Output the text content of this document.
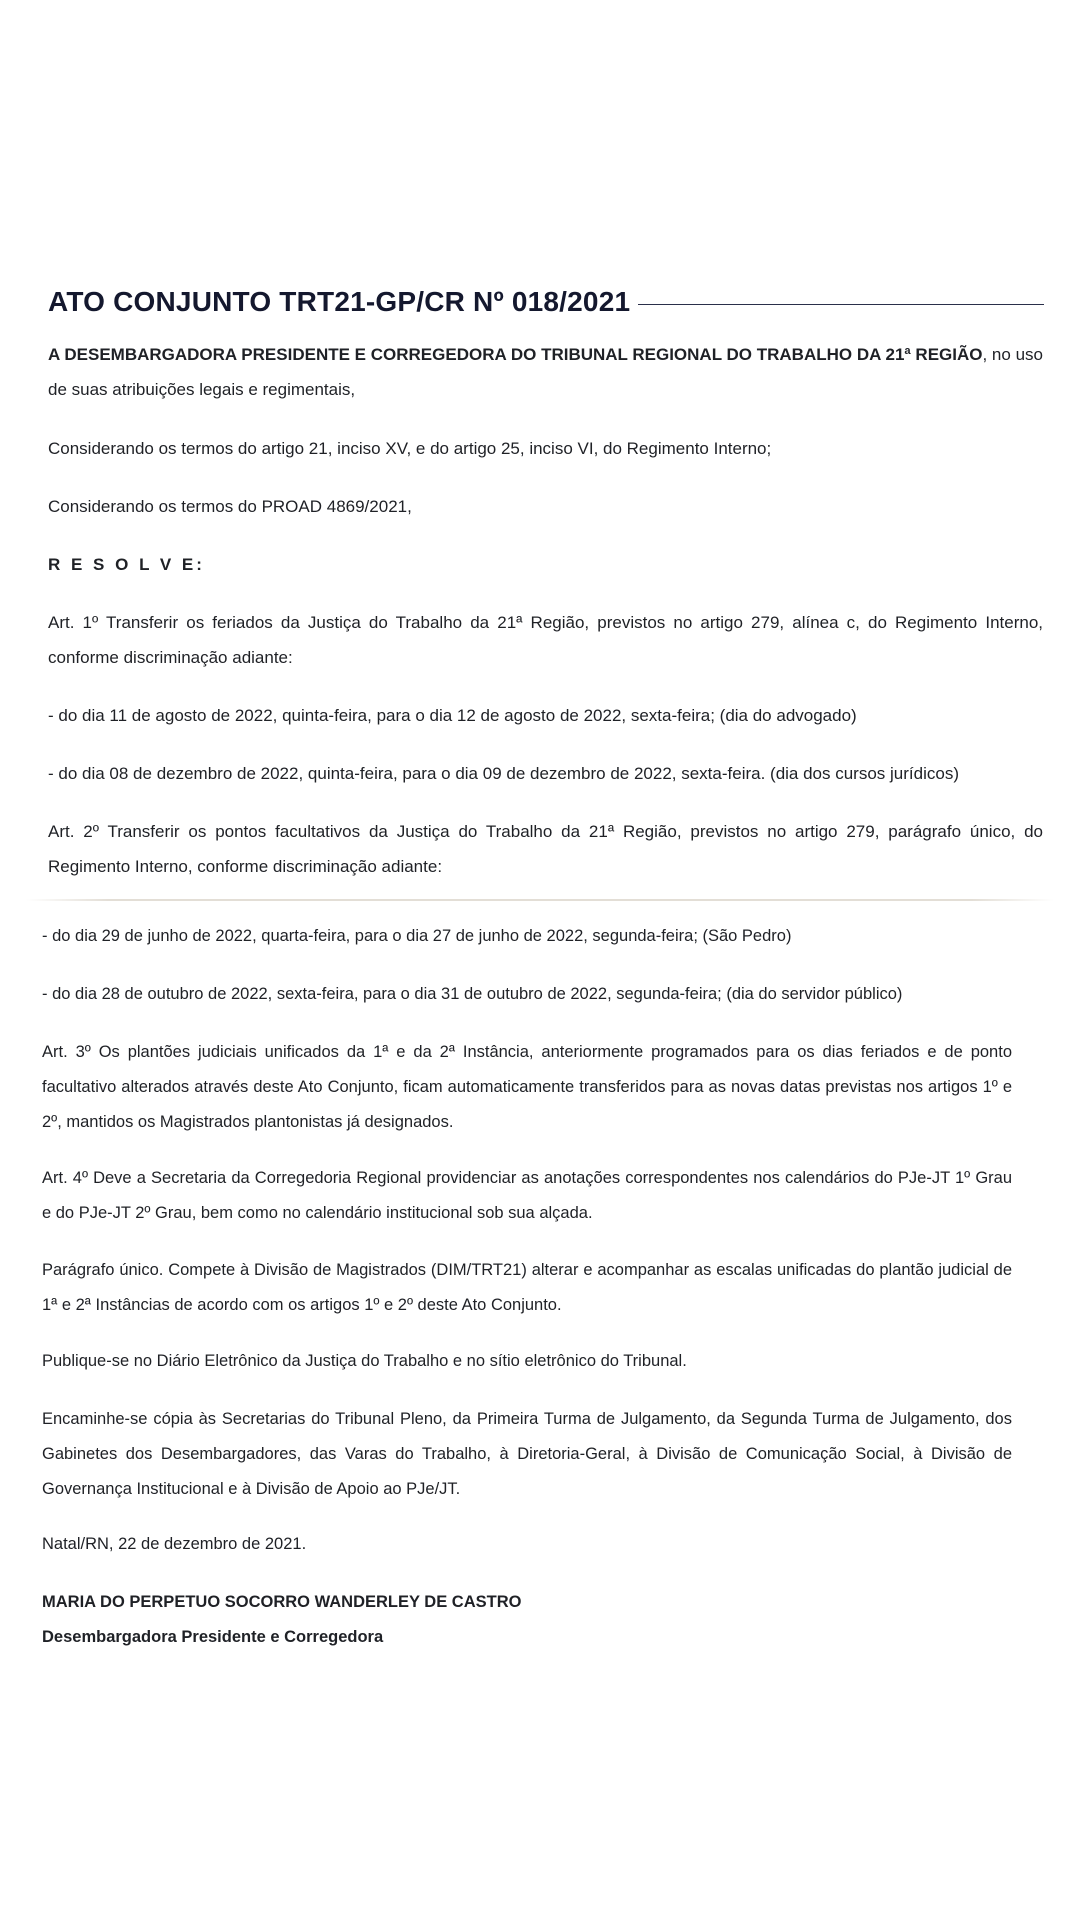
ATO CONJUNTO TRT21-GP/CR Nº 018/2021

A DESEMBARGADORA PRESIDENTE E CORREGEDORA DO TRIBUNAL REGIONAL DO TRABALHO DA 21ª REGIÃO, no uso de suas atribuições legais e regimentais,

Considerando os termos do artigo 21, inciso XV, e do artigo 25, inciso VI, do Regimento Interno;

Considerando os termos do PROAD 4869/2021,

R E S O L V E:

Art. 1º Transferir os feriados da Justiça do Trabalho da 21ª Região, previstos no artigo 279, alínea c, do Regimento Interno, conforme discriminação adiante:

- do dia 11 de agosto de 2022, quinta-feira, para o dia 12 de agosto de 2022, sexta-feira; (dia do advogado)

- do dia 08 de dezembro de 2022, quinta-feira, para o dia 09 de dezembro de 2022, sexta-feira. (dia dos cursos jurídicos)

Art. 2º Transferir os pontos facultativos da Justiça do Trabalho da 21ª Região, previstos no artigo 279, parágrafo único, do Regimento Interno, conforme discriminação adiante:

- do dia 29 de junho de 2022, quarta-feira, para o dia 27 de junho de 2022, segunda-feira; (São Pedro)

- do dia 28 de outubro de 2022, sexta-feira, para o dia 31 de outubro de 2022, segunda-feira; (dia do servidor público)

Art. 3º Os plantões judiciais unificados da 1ª e da 2ª Instância, anteriormente programados para os dias feriados e de ponto facultativo alterados através deste Ato Conjunto, ficam automaticamente transferidos para as novas datas previstas nos artigos 1º e 2º, mantidos os Magistrados plantonistas já designados.

Art. 4º Deve a Secretaria da Corregedoria Regional providenciar as anotações correspondentes nos calendários do PJe-JT 1º Grau e do PJe-JT 2º Grau, bem como no calendário institucional sob sua alçada.

Parágrafo único. Compete à Divisão de Magistrados (DIM/TRT21) alterar e acompanhar as escalas unificadas do plantão judicial de 1ª e 2ª Instâncias de acordo com os artigos 1º e 2º deste Ato Conjunto.

Publique-se no Diário Eletrônico da Justiça do Trabalho e no sítio eletrônico do Tribunal.

Encaminhe-se cópia às Secretarias do Tribunal Pleno, da Primeira Turma de Julgamento, da Segunda Turma de Julgamento, dos Gabinetes dos Desembargadores, das Varas do Trabalho, à Diretoria-Geral, à Divisão de Comunicação Social, à Divisão de Governança Institucional e à Divisão de Apoio ao PJe/JT.

Natal/RN, 22 de dezembro de 2021.

MARIA DO PERPETUO SOCORRO WANDERLEY DE CASTRO

Desembargadora Presidente e Corregedora
